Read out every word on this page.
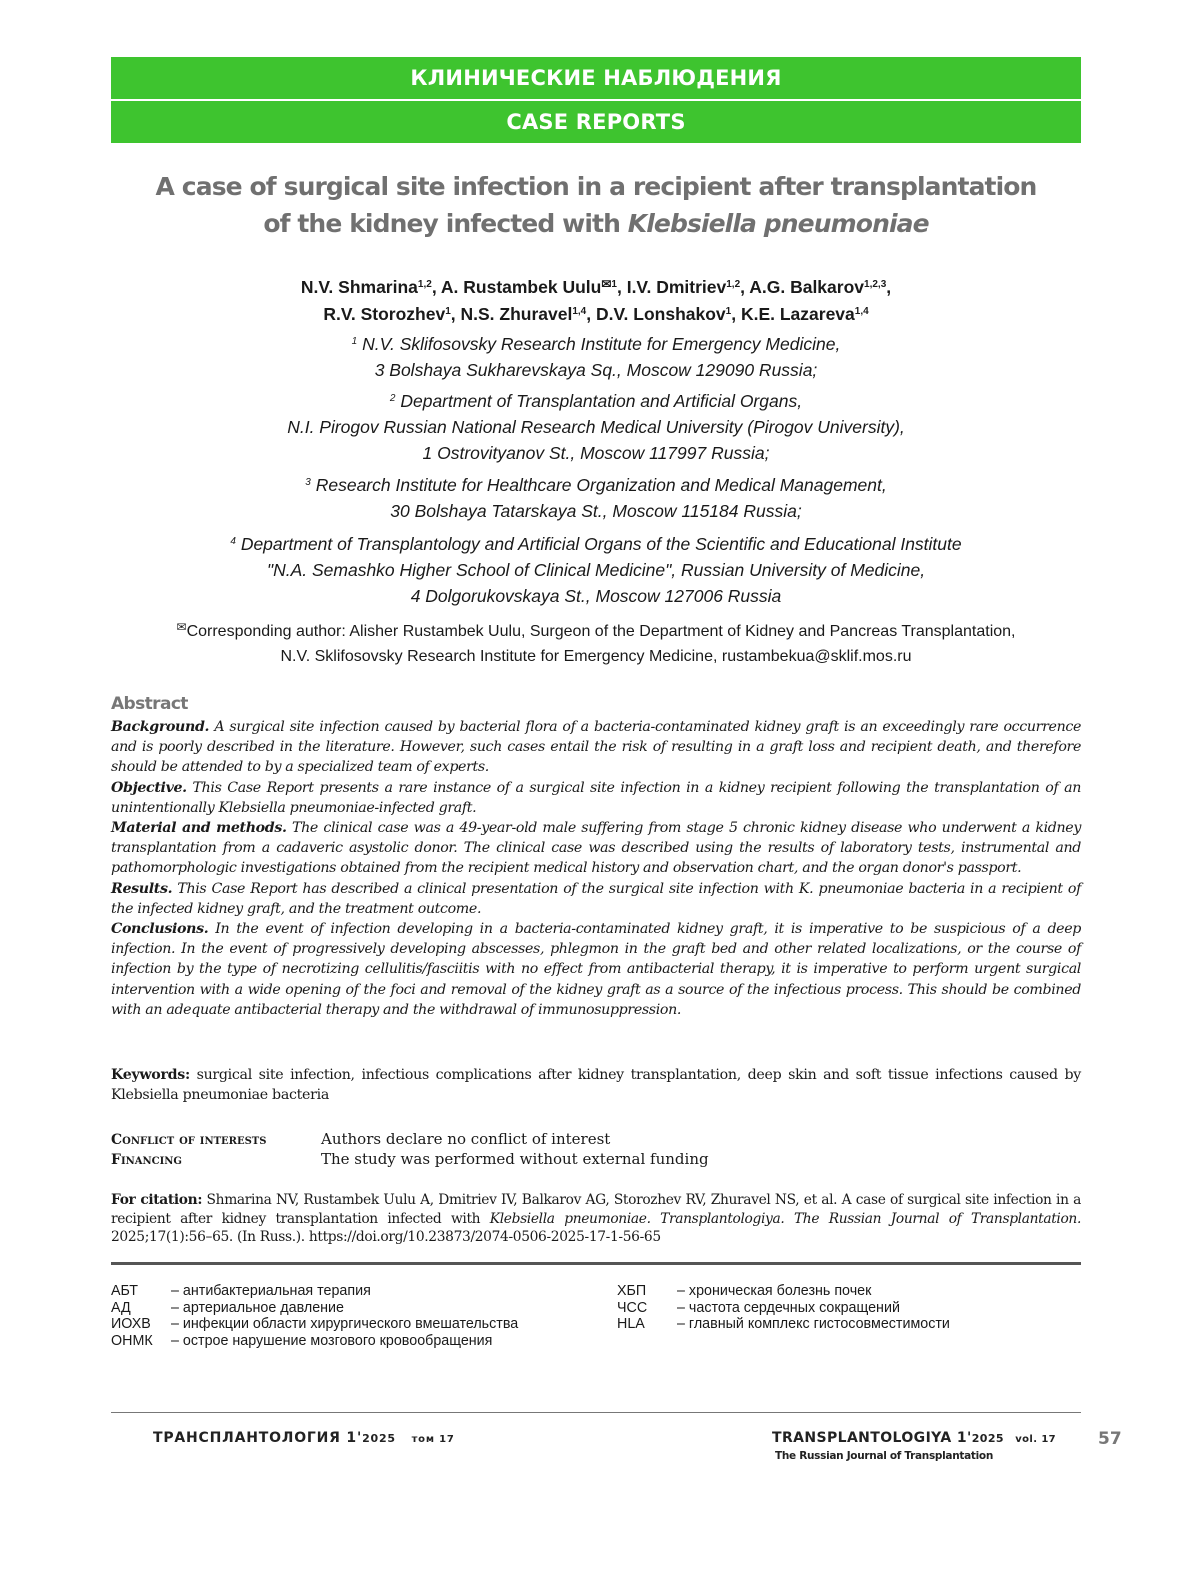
КЛИНИЧЕСКИЕ НАБЛЮДЕНИЯ
CASE REPORTS
A case of surgical site infection in a recipient after transplantation
of the kidney infected with Klebsiella pneumoniae
N.V. Shmarina$^{1,2}$, A. Rustambek Uulu$^{✉1}$, I.V. Dmitriev$^{1,2}$, A.G. Balkarov$^{1,2,3}$,
R.V. Storozhev$^1$, N.S. Zhuravel$^{1,4}$, D.V. Lonshakov$^1$, K.E. Lazareva$^{1,4}$
$^1$ N.V. Sklifosovsky Research Institute for Emergency Medicine,
3 Bolshaya Sukharevskaya Sq., Moscow 129090 Russia;
$^2$ Department of Transplantation and Artificial Organs,
N.I. Pirogov Russian National Research Medical University (Pirogov University),
1 Ostrovityanov St., Moscow 117997 Russia;
$^3$ Research Institute for Healthcare Organization and Medical Management,
30 Bolshaya Tatarskaya St., Moscow 115184 Russia;
$^4$ Department of Transplantology and Artificial Organs of the Scientific and Educational Institute
"N.A. Semashko Higher School of Clinical Medicine", Russian University of Medicine,
4 Dolgorukovskaya St., Moscow 127006 Russia
✉Corresponding author: Alisher Rustambek Uulu, Surgeon of the Department of Kidney and Pancreas Transplantation,
N.V. Sklifosovsky Research Institute for Emergency Medicine, rustambekua@sklif.mos.ru
Abstract

Background. A surgical site infection caused by bacterial flora of a bacteria-contaminated kidney graft is an exceedingly rare occurrence and is poorly described in the literature. However, such cases entail the risk of resulting in a graft loss and recipient death, and therefore should be attended to by a specialized team of experts.

Objective. This Case Report presents a rare instance of a surgical site infection in a kidney recipient following the transplantation of an unintentionally Klebsiella pneumoniae-infected graft.

Material and methods. The clinical case was a 49-year-old male suffering from stage 5 chronic kidney disease who underwent a kidney transplantation from a cadaveric asystolic donor. The clinical case was described using the results of laboratory tests, instrumental and pathomorphologic investigations obtained from the recipient medical history and observation chart, and the organ donor's passport.

Results. This Case Report has described a clinical presentation of the surgical site infection with K. pneumoniae bacteria in a recipient of the infected kidney graft, and the treatment outcome.

Conclusions. In the event of infection developing in a bacteria-contaminated kidney graft, it is imperative to be suspicious of a deep infection. In the event of progressively developing abscesses, phlegmon in the graft bed and other related localizations, or the course of infection by the type of necrotizing cellulitis/fasciitis with no effect from antibacterial therapy, it is imperative to perform urgent surgical intervention with a wide opening of the foci and removal of the kidney graft as a source of the infectious process. This should be combined with an adequate antibacterial therapy and the withdrawal of immunosuppression.

Keywords: surgical site infection, infectious complications after kidney transplantation, deep skin and soft tissue infections caused by Klebsiella pneumoniae bacteria
Conflict of interests	Authors declare no conflict of interest
Financing	The study was performed without external funding
For citation: Shmarina NV, Rustambek Uulu A, Dmitriev IV, Balkarov AG, Storozhev RV, Zhuravel NS, et al. A case of surgical site infection in a recipient after kidney transplantation infected with Klebsiella pneumoniae. Transplantologiya. The Russian Journal of Transplantation. 2025;17(1):56–65. (In Russ.). https://doi.org/10.23873/2074-0506-2025-17-1-56-65
АБТ – антибактериальная терапия
АД	– артериальное давление
ИОХВ – инфекции области хирургического вмешательства
ОНМК – острое нарушение мозгового кровообращения
ХБП – хроническая болезнь почек
ЧСС – частота сердечных сокращений
HLA – главный комплекс гистосовместимости
ТРАНСПЛАНТОЛОГИЯ 1'2025 том 17	TRANSPLANTOLOGIYA 1'2025 vol. 17
The Russian Journal of Transplantation
57
